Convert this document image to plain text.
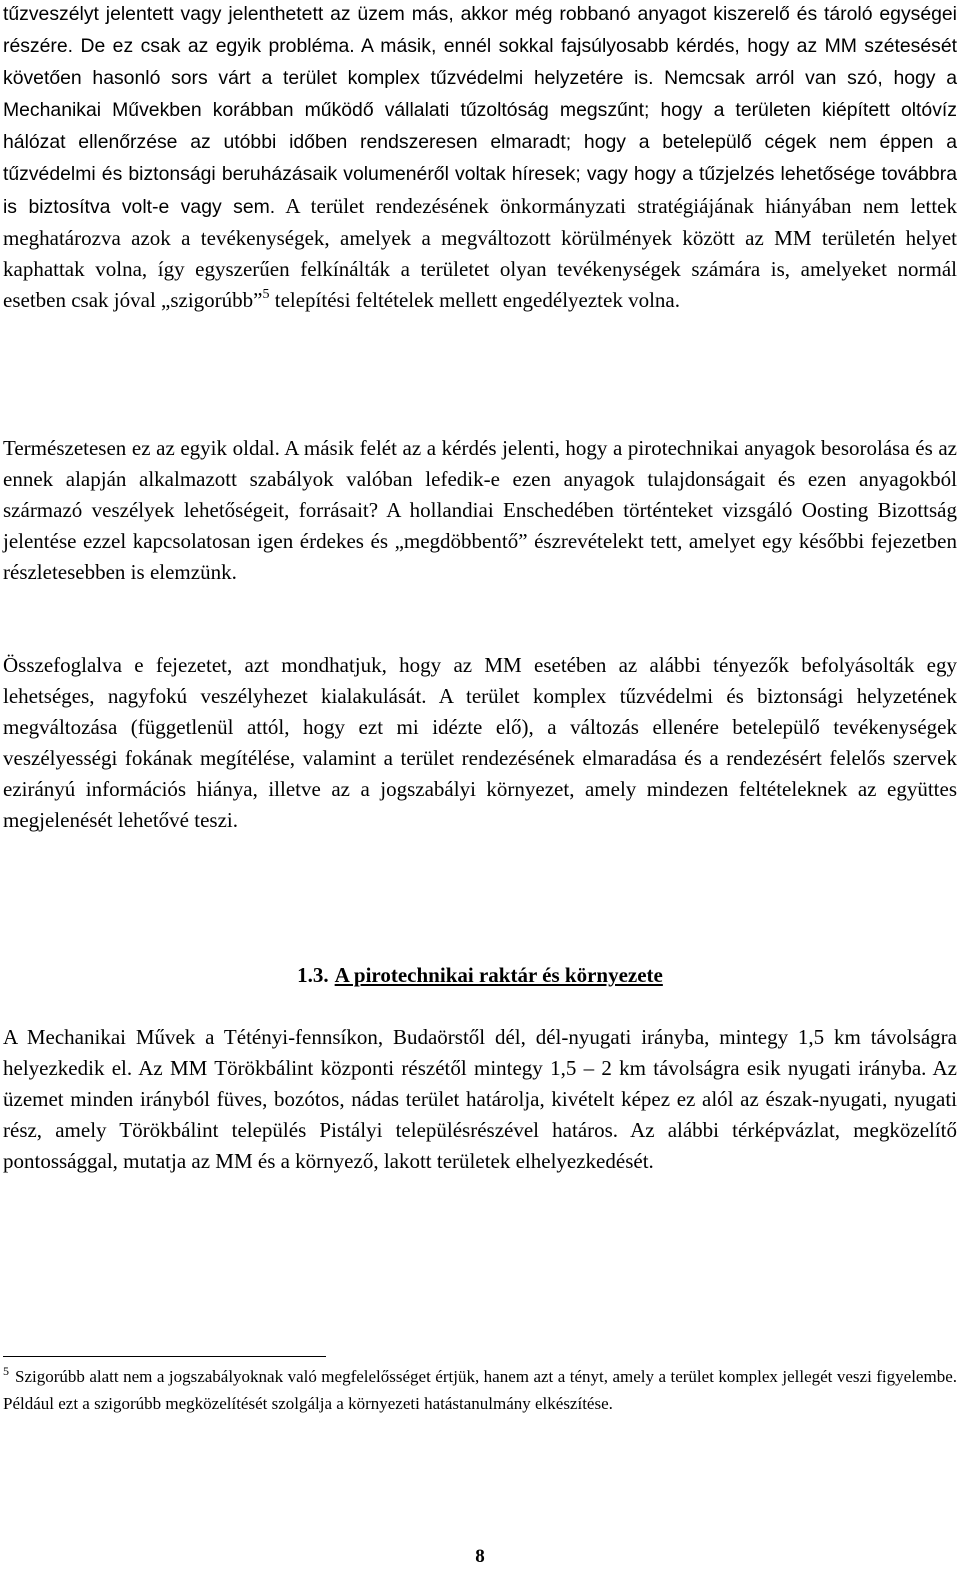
tűzveszélyt jelentett vagy jelenthetett az üzem más, akkor még robbanó anyagot kiszerelő és tároló egységei részére. De ez csak az egyik probléma. A másik, ennél sokkal fajsúlyosabb kérdés, hogy az MM szétesését követően hasonló sors várt a terület komplex tűzvédelmi helyzetére is. Nemcsak arról van szó, hogy a Mechanikai Művekben korábban működő vállalati tűzoltóság megszűnt; hogy a területen kiépített oltóvíz hálózat ellenőrzése az utóbbi időben rendszeresen elmaradt; hogy a betelepülő cégek nem éppen a tűzvédelmi és biztonsági beruházásaik volumenéről voltak híresek; vagy hogy a tűzjelzés lehetősége továbbra is biztosítva volt-e vagy sem. A terület rendezésének önkormányzati stratégiájának hiányában nem lettek meghatározva azok a tevékenységek, amelyek a megváltozott körülmények között az MM területén helyet kaphattak volna, így egyszerűen felkínálták a területet olyan tevékenységek számára is, amelyeket normál esetben csak jóval „szigorúbb”$^5$ telepítési feltételek mellett engedélyeztek volna.

Természetesen ez az egyik oldal. A másik felét az a kérdés jelenti, hogy a pirotechnikai anyagok besorolása és az ennek alapján alkalmazott szabályok valóban lefedik-e ezen anyagok tulajdonságait és ezen anyagokból származó veszélyek lehetőségeit, forrásait? A hollandiai Enschedében történteket vizsgáló Oosting Bizottság jelentése ezzel kapcsolatosan igen érdekes és „megdöbbentő” észrevételekt tett, amelyet egy későbbi fejezetben részletesebben is elemzünk.

Összefoglalva e fejezetet, azt mondhatjuk, hogy az MM esetében az alábbi tényezők befolyásolták egy lehetséges, nagyfokú veszélyhezet kialakulását. A terület komplex tűzvédelmi és biztonsági helyzetének megváltozása (függetlenül attól, hogy ezt mi idézte elő), a változás ellenére betelepülő tevékenységek veszélyességi fokának megítélése, valamint a terület rendezésének elmaradása és a rendezésért felelős szervek ezirányú információs hiánya, illetve az a jogszabályi környezet, amely mindezen feltételeknek az együttes megjelenését lehetővé teszi.

1.3. A pirotechnikai raktár és környezete

A Mechanikai Művek a Tétényi-fennsíkon, Budaörstől dél, dél-nyugati irányba, mintegy 1,5 km távolságra helyezkedik el. Az MM Törökbálint központi részétől mintegy 1,5 – 2 km távolságra esik nyugati irányba. Az üzemet minden irányból füves, bozótos, nádas terület határolja, kivételt képez ez alól az észak-nyugati, nyugati rész, amely Törökbálint település Pistályi településrészével határos. Az alábbi térképvázlat, megközelítő pontossággal, mutatja az MM és a környező, lakott területek elhelyezkedését.

$^5$ Szigorúbb alatt nem a jogszabályoknak való megfelelősséget értjük, hanem azt a tényt, amely a terület komplex jellegét veszi figyelembe. Például ezt a szigorúbb megközelítését szolgálja a környezeti hatástanulmány elkészítése.

8
